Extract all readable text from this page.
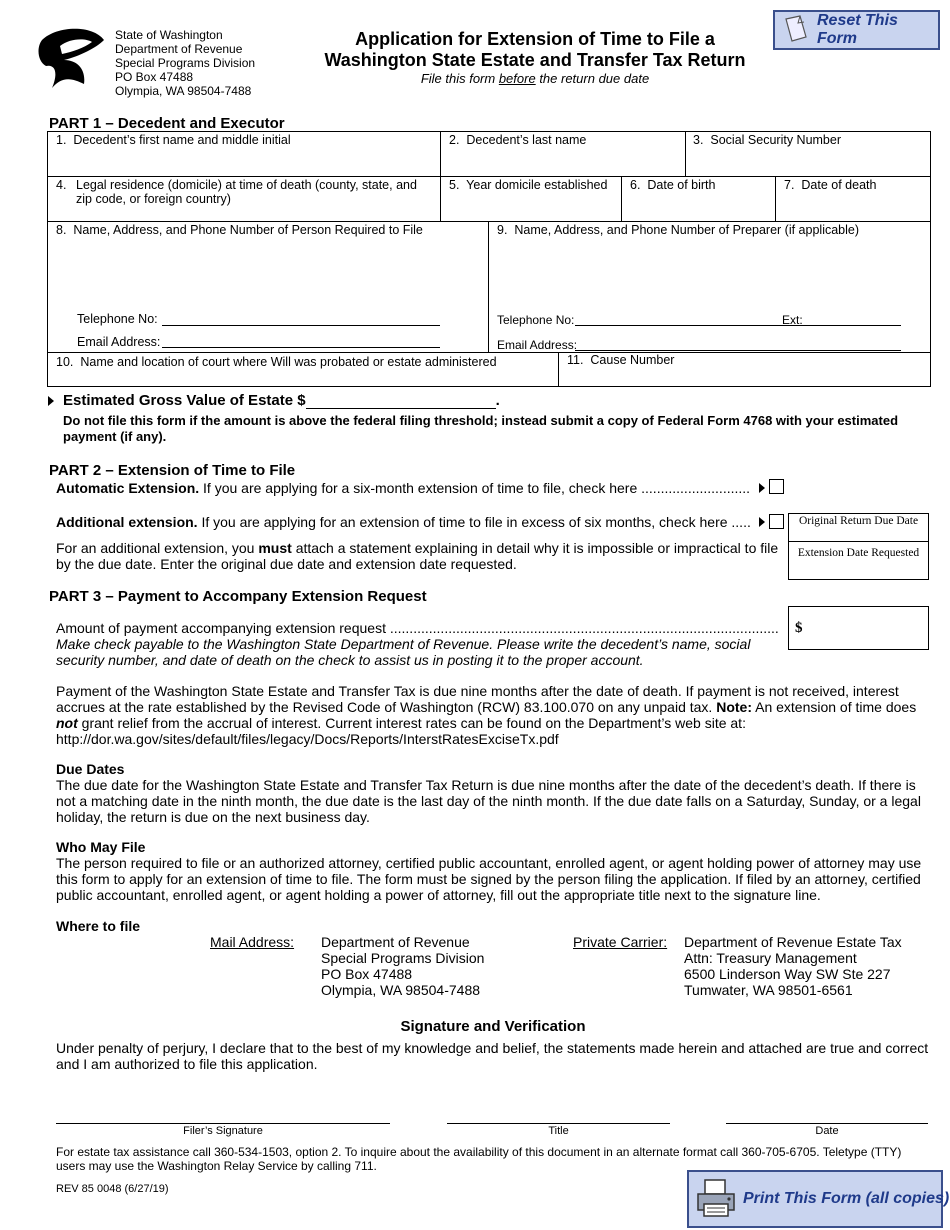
State of Washington
Department of Revenue
Special Programs Division
PO Box 47488
Olympia, WA 98504-7488
Application for Extension of Time to File a
Washington State Estate and Transfer Tax Return
File this form before the return due date
Reset This Form
PART 1 – Decedent and Executor
1. Decedent’s first name and middle initial	2. Decedent’s last name	3. Social Security Number
4. Legal residence (domicile) at time of death (county, state, and zip code, or foreign country)
5. Year domicile established	6. Date of birth	7. Date of death
8. Name, Address, and Phone Number of Person Required to File	9. Name, Address, and Phone Number of Preparer (if applicable)
Telephone No:
Email Address:
Telephone No:	Ext:
Email Address:
10. Name and location of court where Will was probated or estate administered	11. Cause Number
Estimated Gross Value of Estate $	.
Do not file this form if the amount is above the federal filing threshold; instead submit a copy of Federal Form 4768 with your estimated payment (if any).
PART 2 – Extension of Time to File
Automatic Extension. If you are applying for a six-month extension of time to file, check here ............................
Additional extension. If you are applying for an extension of time to file in excess of six months, check here .....	Original Return Due Date
Extension Date Requested
For an additional extension, you must attach a statement explaining in detail why it is impossible or impractical to file by the due date. Enter the original due date and extension date requested.
PART 3 – Payment to Accompany Extension Request
Amount of payment accompanying extension request .................................................................................................... $
Make check payable to the Washington State Department of Revenue. Please write the decedent’s name, social security number, and date of death on the check to assist us in posting it to the proper account.
Payment of the Washington State Estate and Transfer Tax is due nine months after the date of death. If payment is not received, interest accrues at the rate established by the Revised Code of Washington (RCW) 83.100.070 on any unpaid tax. Note: An extension of time does not grant relief from the accrual of interest. Current interest rates can be found on the Department’s web site at: http://dor.wa.gov/sites/default/files/legacy/Docs/Reports/InterstRatesExciseTx.pdf
Due Dates
The due date for the Washington State Estate and Transfer Tax Return is due nine months after the date of the decedent’s death. If there is not a matching date in the ninth month, the due date is the last day of the ninth month. If the due date falls on a Saturday, Sunday, or a legal holiday, the return is due on the next business day.
Who May File
The person required to file or an authorized attorney, certified public accountant, enrolled agent, or agent holding power of attorney may use this form to apply for an extension of time to file. The form must be signed by the person filing the application. If filed by an attorney, certified public accountant, enrolled agent, or agent holding a power of attorney, fill out the appropriate title next to the signature line.
Where to file
Mail Address: Department of Revenue
Special Programs Division
PO Box 47488
Olympia, WA 98504-7488
Private Carrier: Department of Revenue Estate Tax
Attn: Treasury Management
6500 Linderson Way SW Ste 227
Tumwater, WA 98501-6561
Signature and Verification
Under penalty of perjury, I declare that to the best of my knowledge and belief, the statements made herein and attached are true and correct and I am authorized to file this application.
Filer’s Signature	Title	Date
For estate tax assistance call 360-534-1503, option 2. To inquire about the availability of this document in an alternate format call 360-705-6705. Teletype (TTY) users may use the Washington Relay Service by calling 711.
REV 85 0048 (6/27/19)
Print This Form (all copies)
